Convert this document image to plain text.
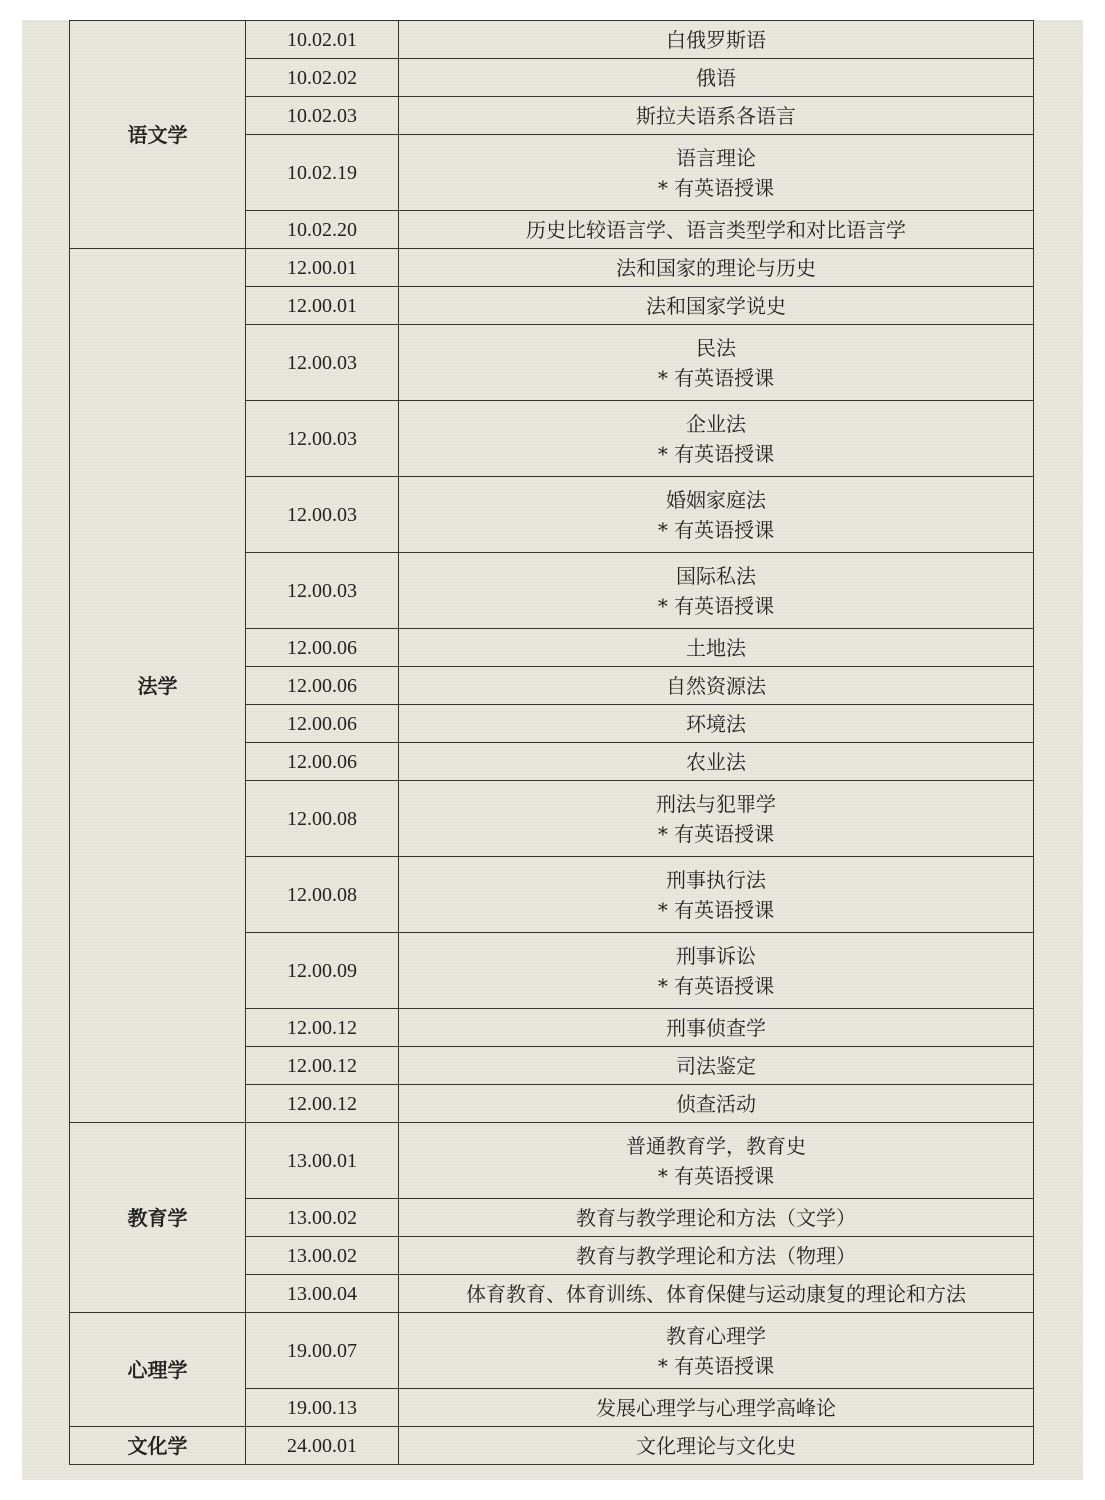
语文学	10.02.01	白俄罗斯语

	10.02.02	俄语

	10.02.03	斯拉夫语系各语言

	10.02.19	语言理论
* 有英语授课

	10.02.20	历史比较语言学、语言类型学和对比语言学

法学	12.00.01	法和国家的理论与历史

	12.00.01	法和国家学说史

	12.00.03	民法
* 有英语授课

	12.00.03	企业法
* 有英语授课

	12.00.03	婚姻家庭法
* 有英语授课

	12.00.03	国际私法
* 有英语授课

	12.00.06	土地法

	12.00.06	自然资源法

	12.00.06	环境法

	12.00.06	农业法

	12.00.08	刑法与犯罪学
* 有英语授课

	12.00.08	刑事执行法
* 有英语授课

	12.00.09	刑事诉讼
* 有英语授课

	12.00.12	刑事侦查学

	12.00.12	司法鉴定

	12.00.12	侦查活动

教育学	13.00.01	普通教育学，教育史
* 有英语授课

	13.00.02	教育与教学理论和方法（文学）

	13.00.02	教育与教学理论和方法（物理）

	13.00.04	体育教育、体育训练、体育保健与运动康复的理论和方法

心理学	19.00.07	教育心理学
* 有英语授课

	19.00.13	发展心理学与心理学高峰论

文化学	24.00.01	文化理论与文化史
